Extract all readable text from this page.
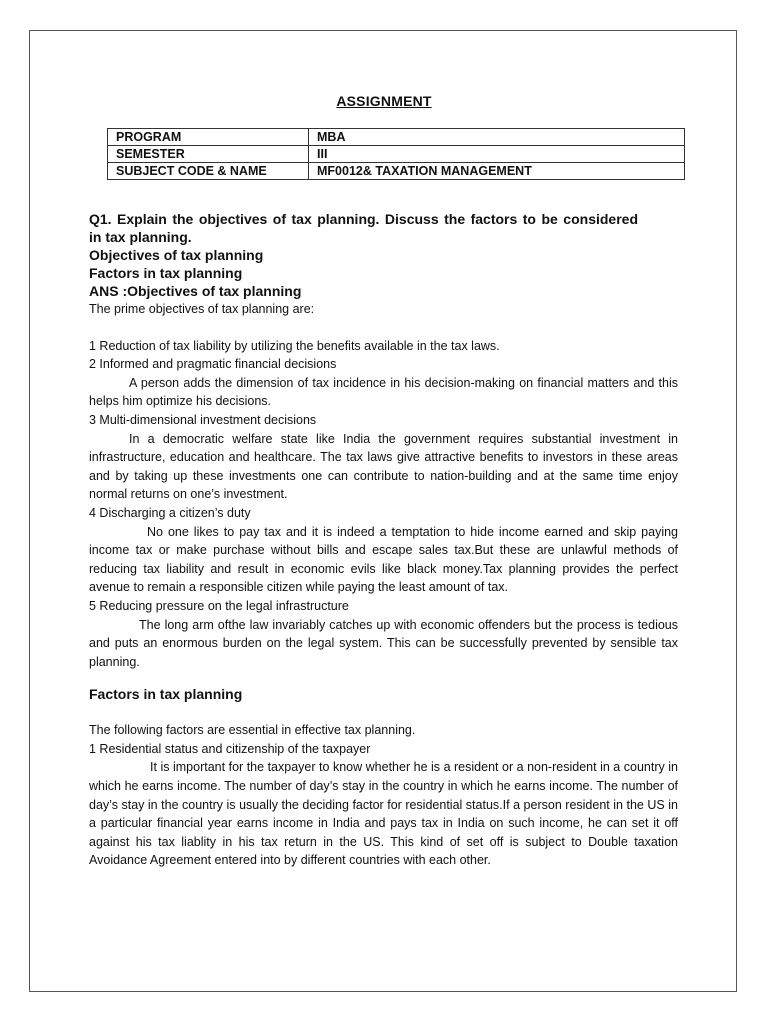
ASSIGNMENT
PROGRAM	MBA
SEMESTER	III
SUBJECT CODE & NAME	MF0012& TAXATION MANAGEMENT

Q1. Explain the objectives of tax planning. Discuss the factors to be considered

in tax planning.

Objectives of tax planning

Factors in tax planning

ANS :Objectives of tax planning

The prime objectives of tax planning are:

1 Reduction of tax liability by utilizing the benefits available in the tax laws.

2 Informed and pragmatic financial decisions

A person adds the dimension of tax incidence in his decision-making on financial matters and this helps him optimize his decisions.

3 Multi-dimensional investment decisions

In a democratic welfare state like India the government requires substantial investment in infrastructure, education and healthcare. The tax laws give attractive benefits to investors in these areas and by taking up these investments one can contribute to nation-building and at the same time enjoy normal returns on one’s investment.

4 Discharging a citizen’s duty

No one likes to pay tax and it is indeed a temptation to hide income earned and skip paying income tax or make purchase without bills and escape sales tax.But these are unlawful methods of reducing tax liability and result in economic evils like black money.Tax planning provides the perfect avenue to remain a responsible citizen while paying the least amount of tax.

5 Reducing pressure on the legal infrastructure

The long arm ofthe law invariably catches up with economic offenders but the process is tedious and puts an enormous burden on the legal system. This can be successfully prevented by sensible tax planning.

Factors in tax planning

The following factors are essential in effective tax planning.

1 Residential status and citizenship of the taxpayer

It is important for the taxpayer to know whether he is a resident or a non-resident in a country in which he earns income. The number of day’s stay in the country in which he earns income. The number of day’s stay in the country is usually the deciding factor for residential status.If a person resident in the US in a particular financial year earns income in India and pays tax in India on such income, he can set it off against his tax liablity in his tax return in the US. This kind of set off is subject to Double taxation Avoidance Agreement entered into by different countries with each other.
